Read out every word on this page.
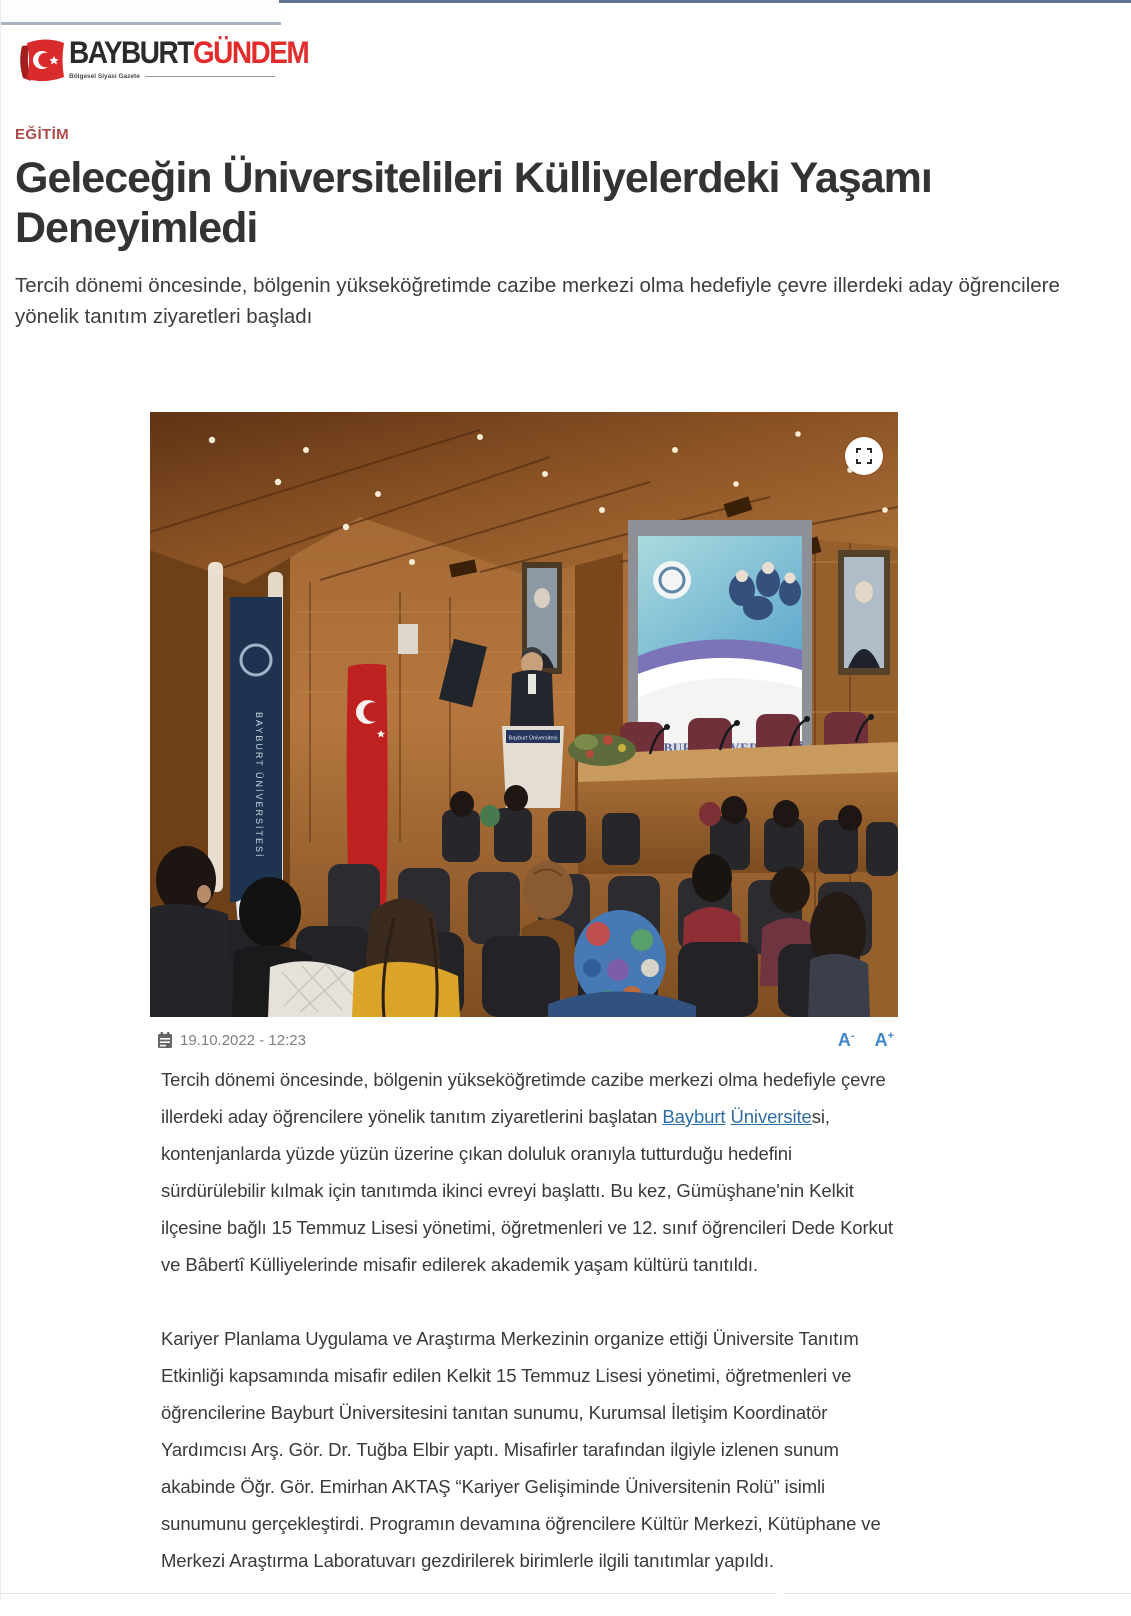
BAYBURTGÜNDEM
Bölgesel Siyasi Gazete
EĞİTİM
Geleceğin Üniversitelileri Külliyelerdeki Yaşamı
Deneyimledi
Tercih dönemi öncesinde, bölgenin yükseköğretimde cazibe merkezi olma hedefiyle çevre illerdeki aday öğrencilere yönelik tanıtım ziyaretleri başladı
BAYBURT ÜNİVERSİTESİ	BAYBURT
Bayburt Üniversitesi
19.10.2022 - 12:23	A- A+

Tercih dönemi öncesinde, bölgenin yükseköğretimde cazibe merkezi olma hedefiyle çevre illerdeki aday öğrencilere yönelik tanıtım ziyaretlerini başlatan Bayburt Üniversitesi, kontenjanlarda yüzde yüzün üzerine çıkan doluluk oranıyla tutturduğu hedefini sürdürülebilir kılmak için tanıtımda ikinci evreyi başlattı. Bu kez, Gümüşhane'nin Kelkit ilçesine bağlı 15 Temmuz Lisesi yönetimi, öğretmenleri ve 12. sınıf öğrencileri Dede Korkut ve Bâbertî Külliyelerinde misafir edilerek akademik yaşam kültürü tanıtıldı.

Kariyer Planlama Uygulama ve Araştırma Merkezinin organize ettiği Üniversite Tanıtım Etkinliği kapsamında misafir edilen Kelkit 15 Temmuz Lisesi yönetimi, öğretmenleri ve öğrencilerine Bayburt Üniversitesini tanıtan sunumu, Kurumsal İletişim Koordinatör Yardımcısı Arş. Gör. Dr. Tuğba Elbir yaptı. Misafirler tarafından ilgiyle izlenen sunum akabinde Öğr. Gör. Emirhan AKTAŞ “Kariyer Gelişiminde Üniversitenin Rolü” isimli sunumunu gerçekleştirdi. Programın devamına öğrencilere Kültür Merkezi, Kütüphane ve Merkezi Araştırma Laboratuvarı gezdirilerek birimlerle ilgili tanıtımlar yapıldı.
